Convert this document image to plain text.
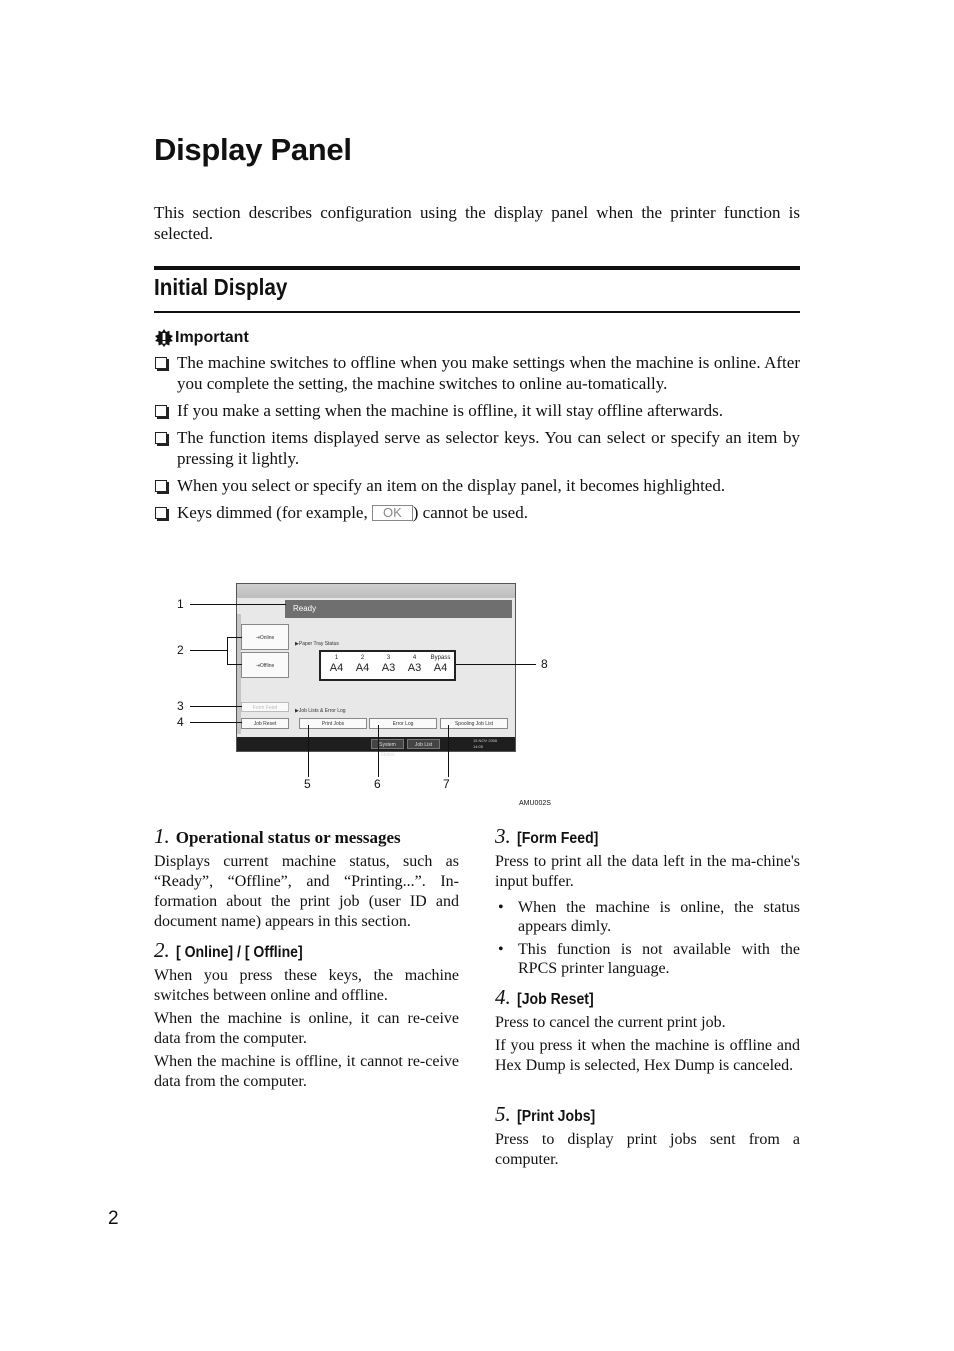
Display Panel

This section describes configuration using the display panel when the printer function is selected.

Initial Display
Important
The machine switches to offline when you make settings when the machine is online. After you complete the setting, the machine switches to online au-tomatically.
If you make a setting when the machine is offline, it will stay offline afterwards.
The function items displayed serve as selector keys. You can select or specify an item by pressing it lightly.
When you select or specify an item on the display panel, it becomes highlighted.
Keys dimmed (for example, OK ) cannot be used.
Ready
⇥Online
⇥Offline
▶Paper Tray Status
1
A4
2
A4
3
A3
4
A3
Bypass
A4
Form Feed
Job Reset
▶Job Lists & Error Log
Print Jobs	Error Log	Spooling Job List
System Status
Job List
15 NOV 2006
14:05
1
2
3
4
5	6	7
8
AMU002S
1. Operational status or messages

Displays current machine status, such as “Ready”, “Offline”, and “Printing...”. In-formation about the print job (user ID and document name) appears in this section.

2. [ Online] / [ Offline]

When you press these keys, the machine switches between online and offline.

When the machine is online, it can re-ceive data from the computer.

When the machine is offline, it cannot re-ceive data from the computer.

3. [Form Feed]

Press to print all the data left in the ma-chine's input buffer.

• When the machine is online, the status appears dimly.
• This function is not available with the RPCS printer language.
4. [Job Reset]

Press to cancel the current print job.

If you press it when the machine is offline and Hex Dump is selected, Hex Dump is canceled.

5. [Print Jobs]

Press to display print jobs sent from a computer.

2
